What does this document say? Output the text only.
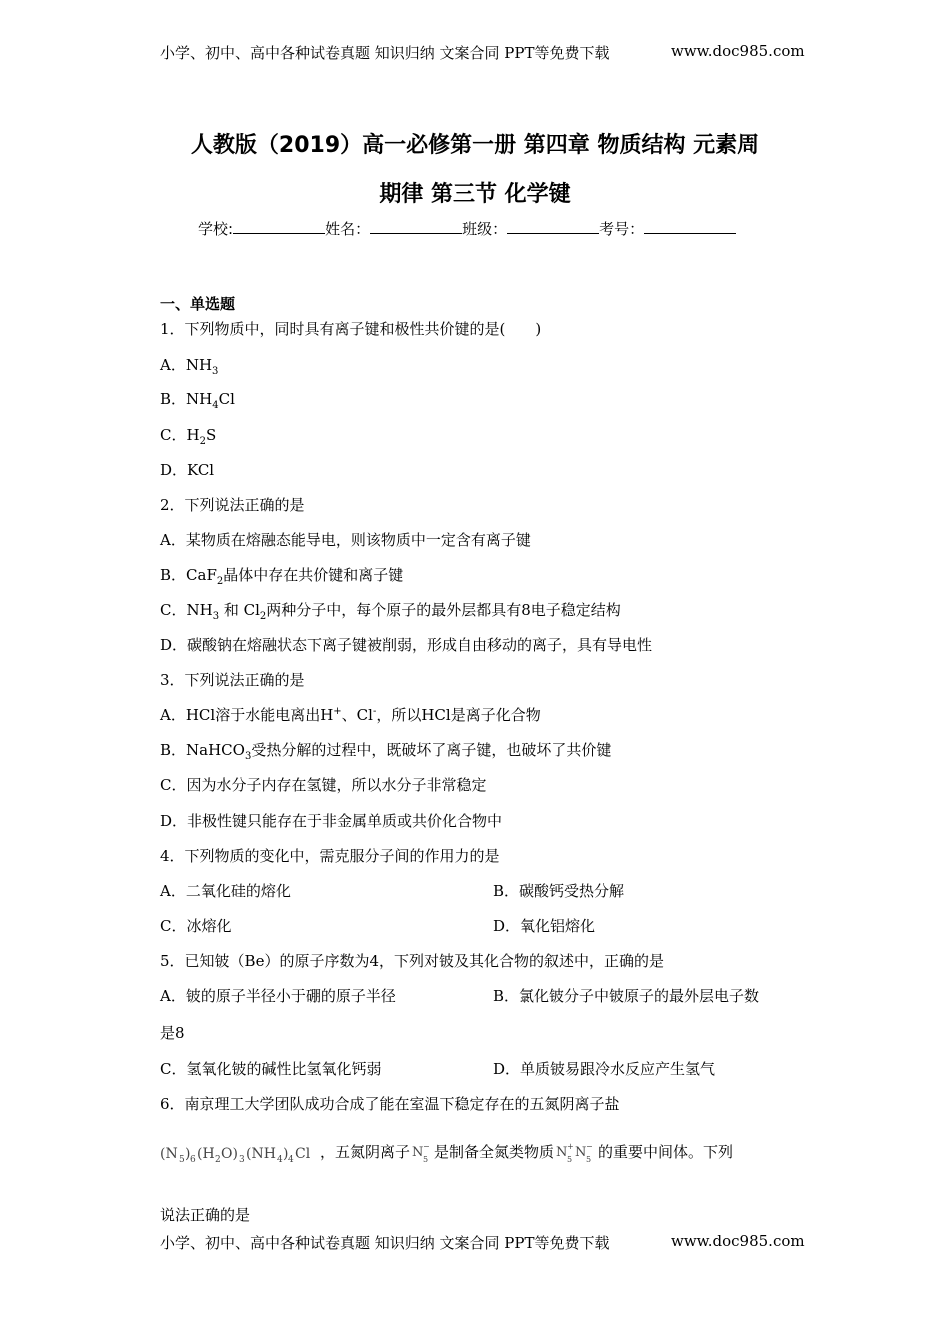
小学、初中、高中各种试卷真题 知识归纳 文案合同 PPT等免费下载	www.doc985.com
人教版（2019）高一必修第一册 第四章 物质结构 元素周
期律 第三节 化学键
学校:	姓名：	班级：	考号：
一、单选题
1．下列物质中，同时具有离子键和极性共价键的是(　　)
A．$NH_3$
B．$NH_4Cl$
C．$H_2S$
D．KCl
2．下列说法正确的是
A．某物质在熔融态能导电，则该物质中一定含有离子键
B．CaF$_2$晶体中存在共价键和离子键
C．$NH_3$ 和 $Cl_2$两种分子中，每个原子的最外层都具有8电子稳定结构
D．碳酸钠在熔融状态下离子键被削弱，形成自由移动的离子，具有导电性
3．下列说法正确的是
A．HCl溶于水能电离出H+、Cl-，所以HCl是离子化合物
B．NaHCO$_3$受热分解的过程中，既破坏了离子键，也破坏了共价键
C．因为水分子内存在氢键，所以水分子非常稳定
D．非极性键只能存在于非金属单质或共价化合物中
4．下列物质的变化中，需克服分子间的作用力的是
A．二氧化硅的熔化	B．碳酸钙受热分解
C．冰熔化	D．氧化铝熔化
5．已知铍（Be）的原子序数为4，下列对铍及其化合物的叙述中，正确的是
A．铍的原子半径小于硼的原子半径	B．氯化铍分子中铍原子的最外层电子数
是8
C．氢氧化铍的碱性比氢氧化钙弱	D．单质铍易跟冷水反应产生氢气
6．南京理工大学团队成功合成了能在室温下稳定存在的五氮阴离子盐
(N 5 ) 6 (H 2 O) 3 (NH 4 ) 4 Cl ，五氮阴离子 N 5
− 是制备全氮类物质 N 5
+ N 5
− 的重要中间体。下列
说法正确的是
小学、初中、高中各种试卷真题 知识归纳 文案合同 PPT等免费下载	www.doc985.com
